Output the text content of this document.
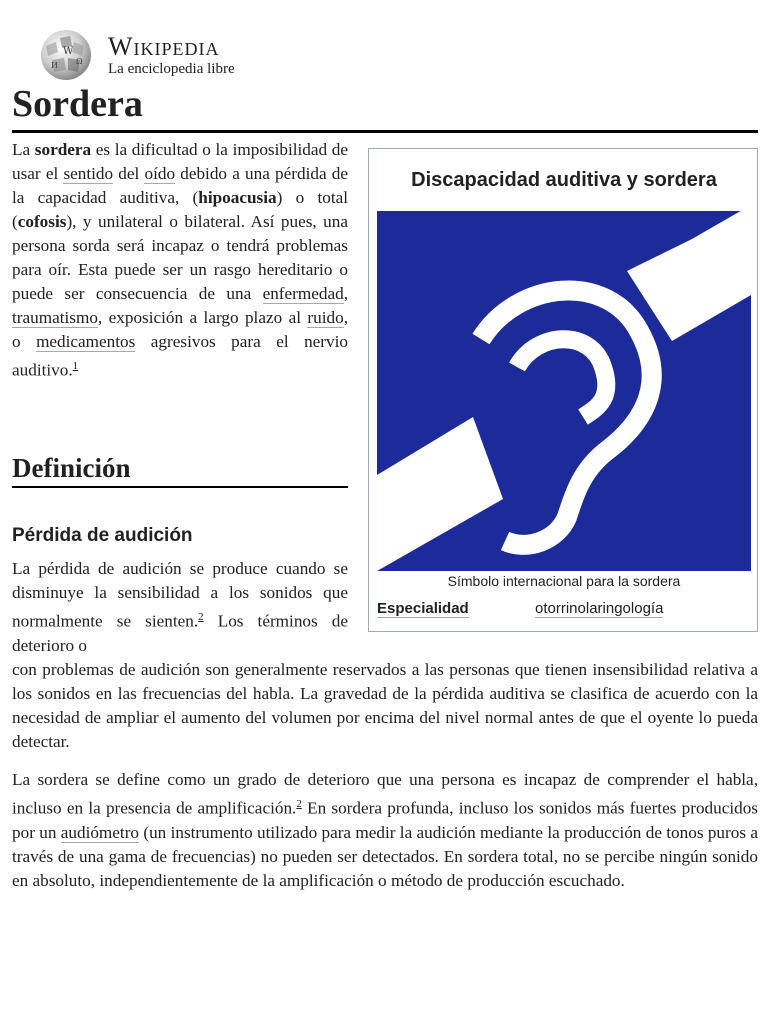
W
Ω
И
Wikipedia
La enciclopedia libre
Sordera

La sordera es la dificultad o la imposibilidad de usar el sentido del oído debido a una pérdida de la capacidad auditiva, (hipoacusia) o total (cofosis), y unilateral o bilateral. Así pues, una persona sorda será incapaz o tendrá problemas para oír. Esta puede ser un rasgo hereditario o puede ser consecuencia de una enfermedad, traumatismo, exposición a largo plazo al ruido, o medicamentos agresivos para el nervio auditivo.$^1$

Definición
Pérdida de audición

La pérdida de audición se produce cuando se disminuye la sensibilidad a los sonidos que normalmente se sienten.$^2$ Los términos de deterioro o

con problemas de audición son generalmente reservados a las personas que tienen insensibilidad relativa a los sonidos en las frecuencias del habla. La gravedad de la pérdida auditiva se clasifica de acuerdo con la necesidad de ampliar el aumento del volumen por encima del nivel normal antes de que el oyente lo pueda detectar.

La sordera se define como un grado de deterioro que una persona es incapaz de comprender el habla, incluso en la presencia de amplificación.$^2$ En sordera profunda, incluso los sonidos más fuertes producidos por un audiómetro (un instrumento utilizado para medir la audición mediante la producción de tonos puros a través de una gama de frecuencias) no pueden ser detectados. En sordera total, no se percibe ningún sonido en absoluto, independientemente de la amplificación o método de producción escuchado.

Discapacidad auditiva y sordera
Símbolo internacional para la sordera
Especialidad	otorrinolaringología
